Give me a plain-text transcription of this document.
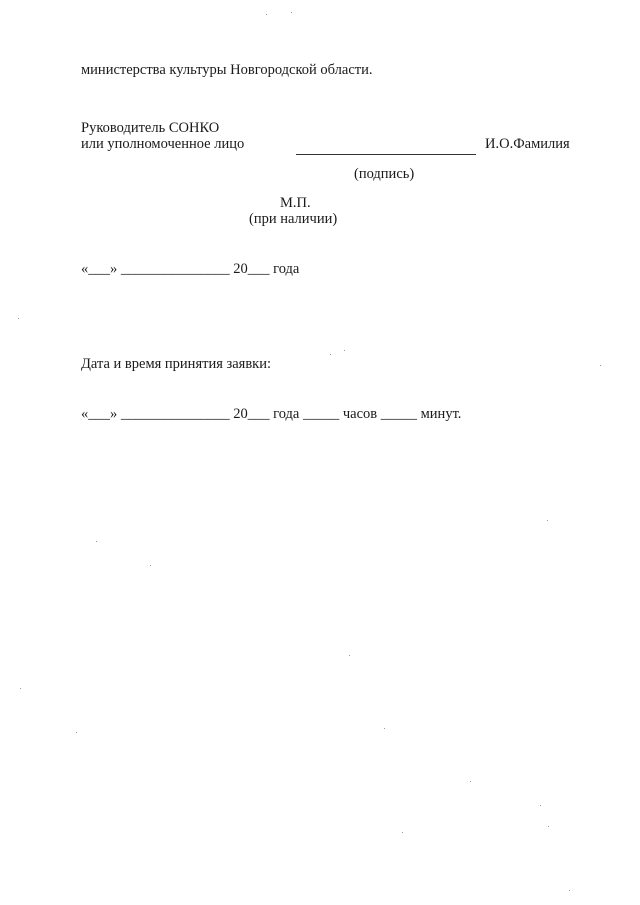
министерства культуры Новгородской области.
Руководитель СОНКО
или уполномоченное лицо	И.О.Фамилия
(подпись)
М.П.
(при наличии)
«___» _______________ 20___ года
Дата и время принятия заявки:
«___» _______________ 20___ года _____ часов _____ минут.
